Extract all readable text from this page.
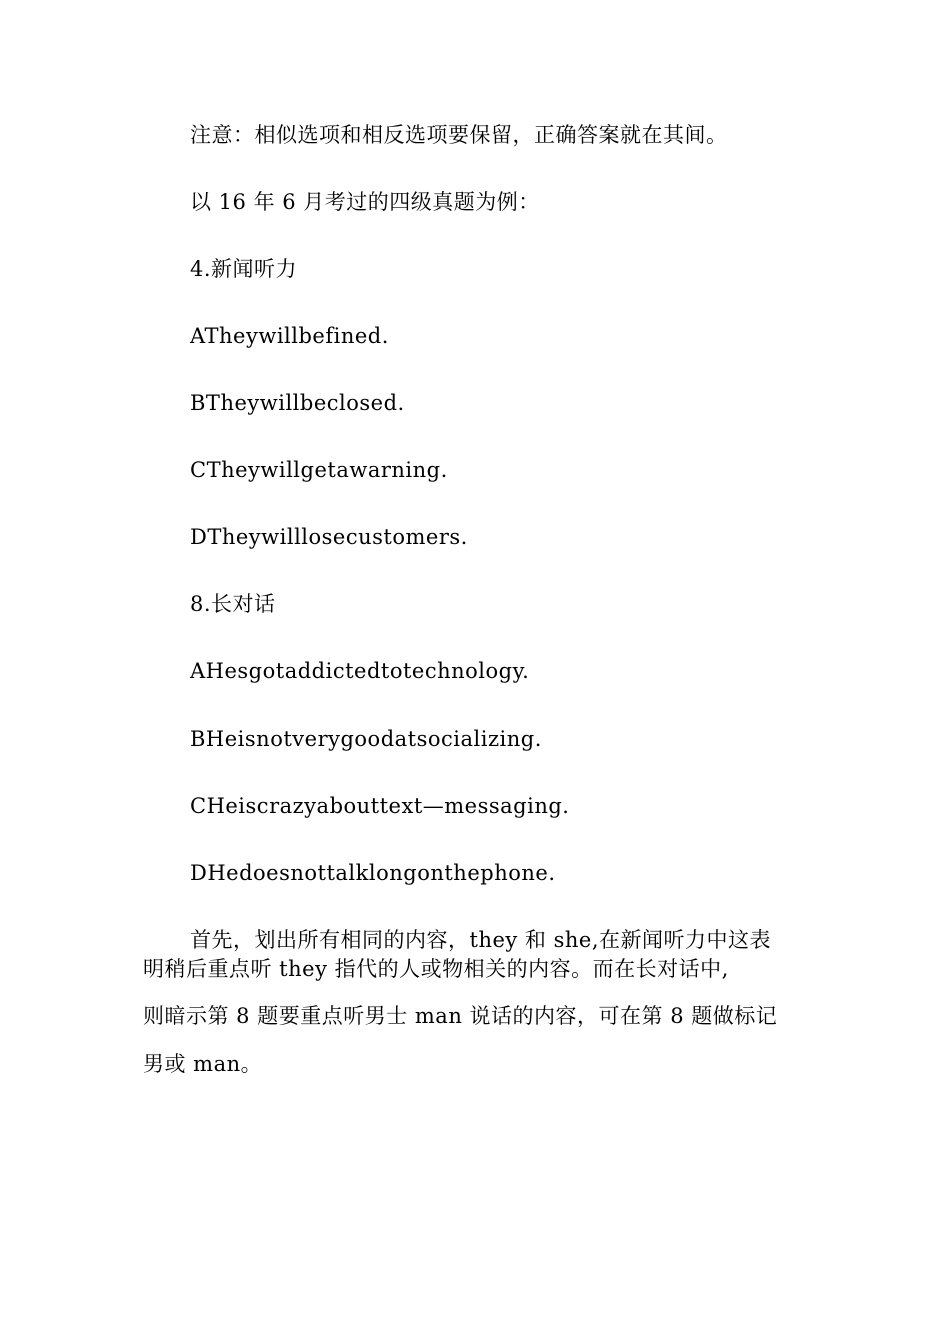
注意：相似选项和相反选项要保留，正确答案就在其间。
以 16 年 6 月考过的四级真题为例：
4.新闻听力
ATheywillbefined.
BTheywillbeclosed.
CTheywillgetawarning.
DTheywilllosecustomers.
8.长对话
AHesgotaddictedtotechnology.
BHeisnotverygoodatsocializing.
CHeiscrazyabouttext—messaging.
DHedoesnottalklongonthephone.
首先，划出所有相同的内容，they 和 she,在新闻听力中这表
明稍后重点听 they 指代的人或物相关的内容。而在长对话中,
则暗示第 8 题要重点听男士 man 说话的内容，可在第 8 题做标记
男或 man。
